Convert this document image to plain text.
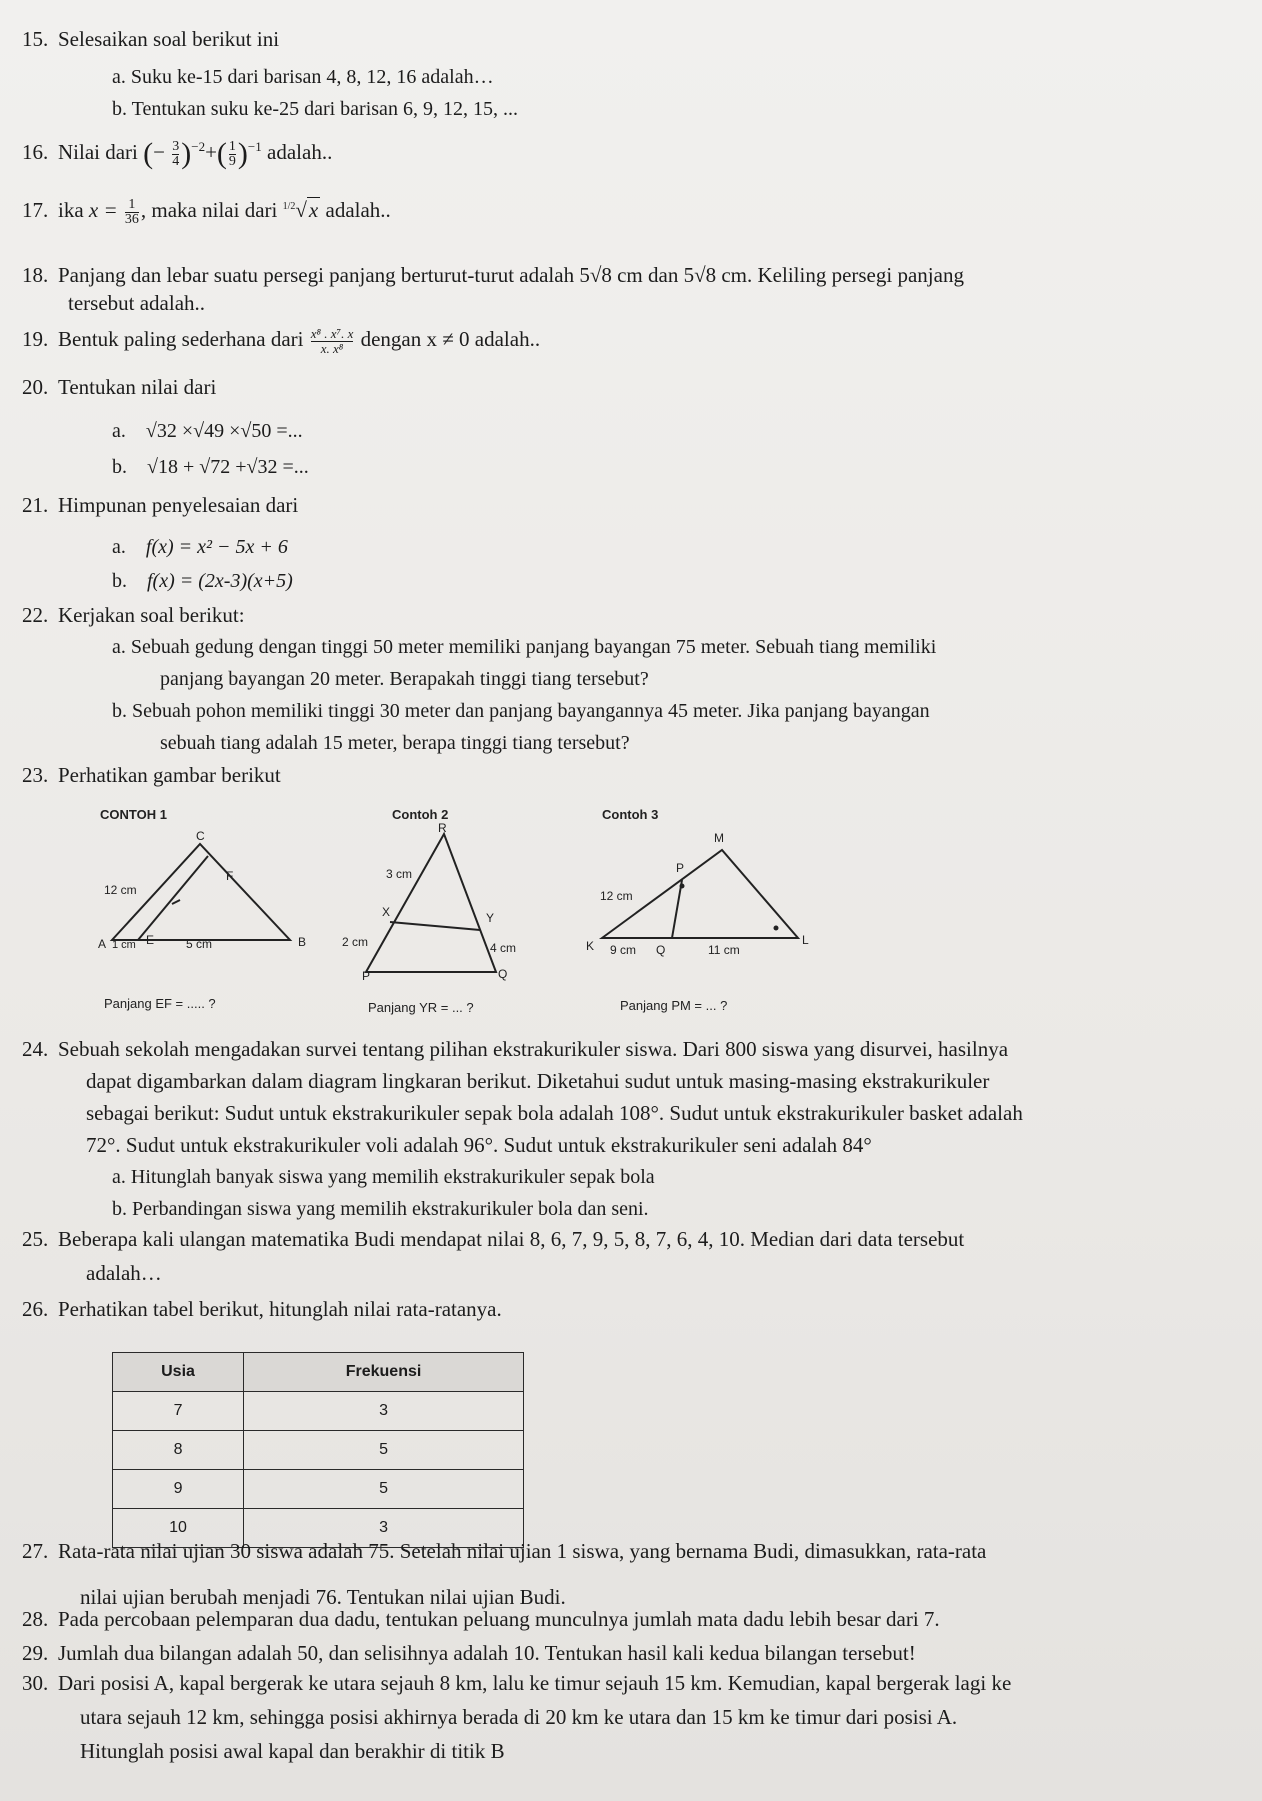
15. Selesaikan soal berikut ini
a. Suku ke-15 dari barisan 4, 8, 12, 16 adalah…
b. Tentukan suku ke-25 dari barisan 6, 9, 12, 15, ...
16. Nilai dari (− $\frac{3}{4} )^{-2}+( \frac{1}{9} )^{-1}$ adalah..
17. ika $x = \frac{1}{36}$ , maka nilai dari $^{1/2}$√x adalah..
18. Panjang dan lebar suatu persegi panjang berturut-turut adalah 5√8 cm dan 5√8 cm. Keliling persegi panjang
tersebut adalah..
19. Bentuk paling sederhana dari $\frac{\text{x⁸ . x⁷. x}}{\text{x. x⁸}}$ dengan x ≠ 0 adalah..
20. Tentukan nilai dari
a. √32 ×√49 ×√50 =...
b. √18 + √72 +√32 =...
21. Himpunan penyelesaian dari
a. f(x) = x² − 5x + 6
b. f(x) = (2x-3)(x+5)
22. Kerjakan soal berikut:
a. Sebuah gedung dengan tinggi 50 meter memiliki panjang bayangan 75 meter. Sebuah tiang memiliki
panjang bayangan 20 meter. Berapakah tinggi tiang tersebut?
b. Sebuah pohon memiliki tinggi 30 meter dan panjang bayangannya 45 meter. Jika panjang bayangan
sebuah tiang adalah 15 meter, berapa tinggi tiang tersebut?
23. Perhatikan gambar berikut
CONTOH 1
C
F
12 cm
A 1 cm E	5 cm	B
Panjang EF = ..... ?
Contoh 2
R
3 cm
X	Y
2 cm	4 cm
P	Q
Panjang YR = ... ?
Contoh 3
M
P
12 cm
K 9 cm Q	11 cm
L
Panjang PM = ... ?
24. Sebuah sekolah mengadakan survei tentang pilihan ekstrakurikuler siswa. Dari 800 siswa yang disurvei, hasilnya
dapat digambarkan dalam diagram lingkaran berikut. Diketahui sudut untuk masing-masing ekstrakurikuler
sebagai berikut: Sudut untuk ekstrakurikuler sepak bola adalah 108°. Sudut untuk ekstrakurikuler basket adalah
72°. Sudut untuk ekstrakurikuler voli adalah 96°. Sudut untuk ekstrakurikuler seni adalah 84°
a. Hitunglah banyak siswa yang memilih ekstrakurikuler sepak bola
b. Perbandingan siswa yang memilih ekstrakurikuler bola dan seni.
25. Beberapa kali ulangan matematika Budi mendapat nilai 8, 6, 7, 9, 5, 8, 7, 6, 4, 10. Median dari data tersebut
adalah…
26. Perhatikan tabel berikut, hitunglah nilai rata-ratanya.
Usia	Frekuensi
7	3
8	5
9	5
10	3
27. Rata-rata nilai ujian 30 siswa adalah 75. Setelah nilai ujian 1 siswa, yang bernama Budi, dimasukkan, rata-rata
nilai ujian berubah menjadi 76. Tentukan nilai ujian Budi.
28. Pada percobaan pelemparan dua dadu, tentukan peluang munculnya jumlah mata dadu lebih besar dari 7.
29. Jumlah dua bilangan adalah 50, dan selisihnya adalah 10. Tentukan hasil kali kedua bilangan tersebut!
30. Dari posisi A, kapal bergerak ke utara sejauh 8 km, lalu ke timur sejauh 15 km. Kemudian, kapal bergerak lagi ke
utara sejauh 12 km, sehingga posisi akhirnya berada di 20 km ke utara dan 15 km ke timur dari posisi A.
Hitunglah posisi awal kapal dan berakhir di titik B
